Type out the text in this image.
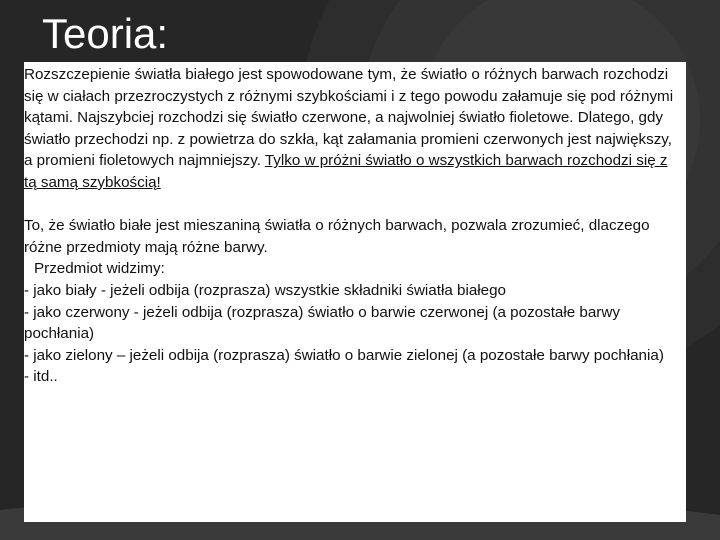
Teoria:

Rozszczepienie światła białego jest spowodowane tym, że światło o różnych barwach rozchodzi się w ciałach przezroczystych z różnymi szybkościami i z tego powodu załamuje się pod różnymi kątami. Najszybciej rozchodzi się światło czerwone, a najwolniej światło fioletowe. Dlatego, gdy światło przechodzi np. z powietrza do szkła, kąt załamania promieni czerwonych jest największy, a promieni fioletowych najmniejszy. Tylko w próżni światło o wszystkich barwach rozchodzi się z tą samą szybkością!

To, że światło białe jest mieszaniną światła o różnych barwach, pozwala zrozumieć, dlaczego różne przedmioty mają różne barwy.

Przedmiot widzimy:

- jako biały - jeżeli odbija (rozprasza) wszystkie składniki światła białego

- jako czerwony - jeżeli odbija (rozprasza) światło o barwie czerwonej (a pozostałe barwy pochłania)

- jako zielony – jeżeli odbija (rozprasza) światło o barwie zielonej (a pozostałe barwy pochłania)

- itd..
